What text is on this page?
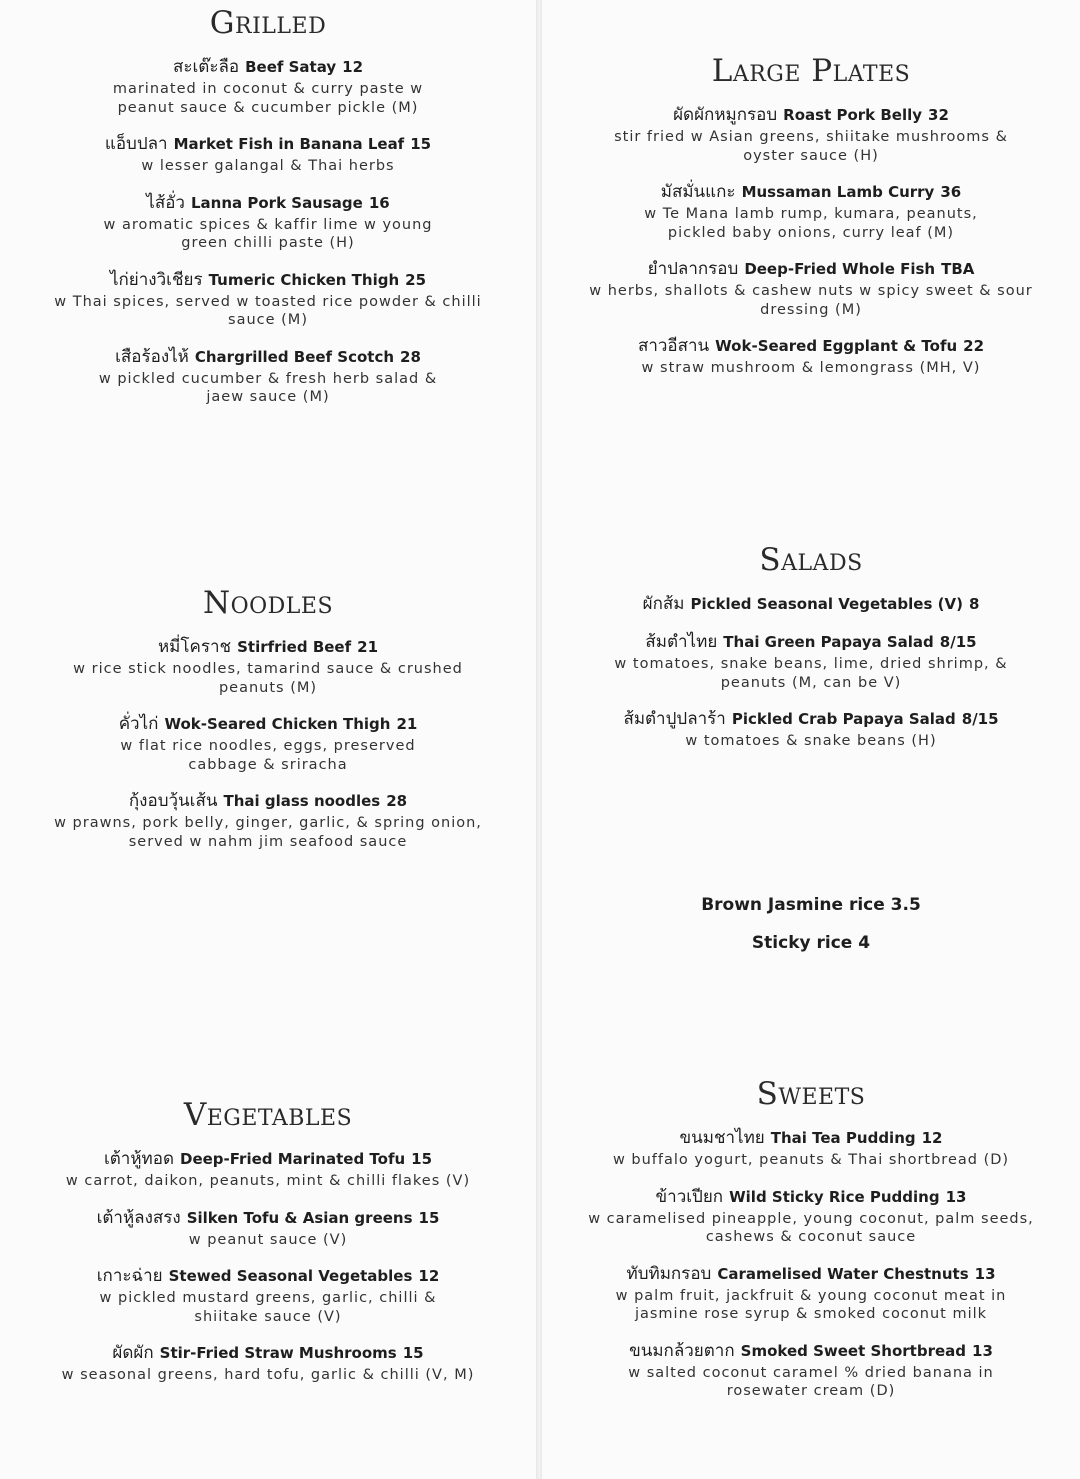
Grilled
สะเต๊ะลือ Beef Satay 12
marinated in coconut & curry paste w peanut sauce & cucumber pickle (M)
แอ็บปลา Market Fish in Banana Leaf 15
w lesser galangal & Thai herbs
ไส้อั่ว Lanna Pork Sausage 16
w aromatic spices & kaffir lime w young green chilli paste (H)
ไก่ย่างวิเชียร Tumeric Chicken Thigh 25
w Thai spices, served w toasted rice powder & chilli sauce (M)
เสือร้องไห้ Chargrilled Beef Scotch 28
w pickled cucumber & fresh herb salad & jaew sauce (M)
Noodles
หมี่โคราช Stirfried Beef 21
w rice stick noodles, tamarind sauce & crushed peanuts (M)
คั่วไก่ Wok-Seared Chicken Thigh 21
w flat rice noodles, eggs, preserved cabbage & sriracha
กุ้งอบวุ้นเส้น Thai glass noodles 28
w prawns, pork belly, ginger, garlic, & spring onion, served w nahm jim seafood sauce
Vegetables
เต้าหู้ทอด Deep-Fried Marinated Tofu 15
w carrot, daikon, peanuts, mint & chilli flakes (V)
เต้าหู้ลงสรง Silken Tofu & Asian greens 15
w peanut sauce (V)
เกาะฉ่าย Stewed Seasonal Vegetables 12
w pickled mustard greens, garlic, chilli & shiitake sauce (V)
ผัดผัก Stir-Fried Straw Mushrooms 15
w seasonal greens, hard tofu, garlic & chilli (V, M)
Large Plates
ผัดผักหมูกรอบ Roast Pork Belly 32
stir fried w Asian greens, shiitake mushrooms & oyster sauce (H)
มัสมั่นแกะ Mussaman Lamb Curry 36
w Te Mana lamb rump, kumara, peanuts, pickled baby onions, curry leaf (M)
ยำปลากรอบ Deep-Fried Whole Fish TBA
w herbs, shallots & cashew nuts w spicy sweet & sour dressing (M)
สาวอีสาน Wok-Seared Eggplant & Tofu 22
w straw mushroom & lemongrass (MH, V)
Salads
ผักส้ม Pickled Seasonal Vegetables (V) 8
ส้มตำไทย Thai Green Papaya Salad 8/15
w tomatoes, snake beans, lime, dried shrimp, & peanuts (M, can be V)
ส้มตำปูปลาร้า Pickled Crab Papaya Salad 8/15
w tomatoes & snake beans (H)
Brown Jasmine rice 3.5
Sticky rice 4
Sweets
ขนมชาไทย Thai Tea Pudding 12
w buffalo yogurt, peanuts & Thai shortbread (D)
ข้าวเปียก Wild Sticky Rice Pudding 13
w caramelised pineapple, young coconut, palm seeds, cashews & coconut sauce
ทับทิมกรอบ Caramelised Water Chestnuts 13
w palm fruit, jackfruit & young coconut meat in jasmine rose syrup & smoked coconut milk
ขนมกล้วยตาก Smoked Sweet Shortbread 13
w salted coconut caramel % dried banana in rosewater cream (D)
